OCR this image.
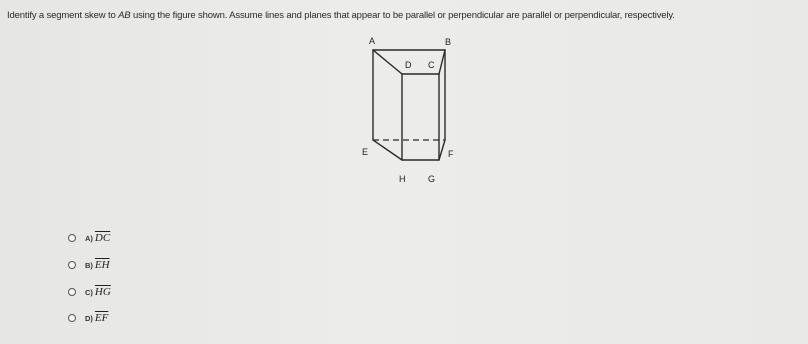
Identify a segment skew to $\overline{AB}$ using the figure shown. Assume lines and planes that appear to be parallel or perpendicular are parallel or perpendicular, respectively.
A	B
D C
E	F
H	G
A) $\overline{DC}$
B) $\overline{EH}$
C) $\overline{HG}$
D) $\overline{EF}$
